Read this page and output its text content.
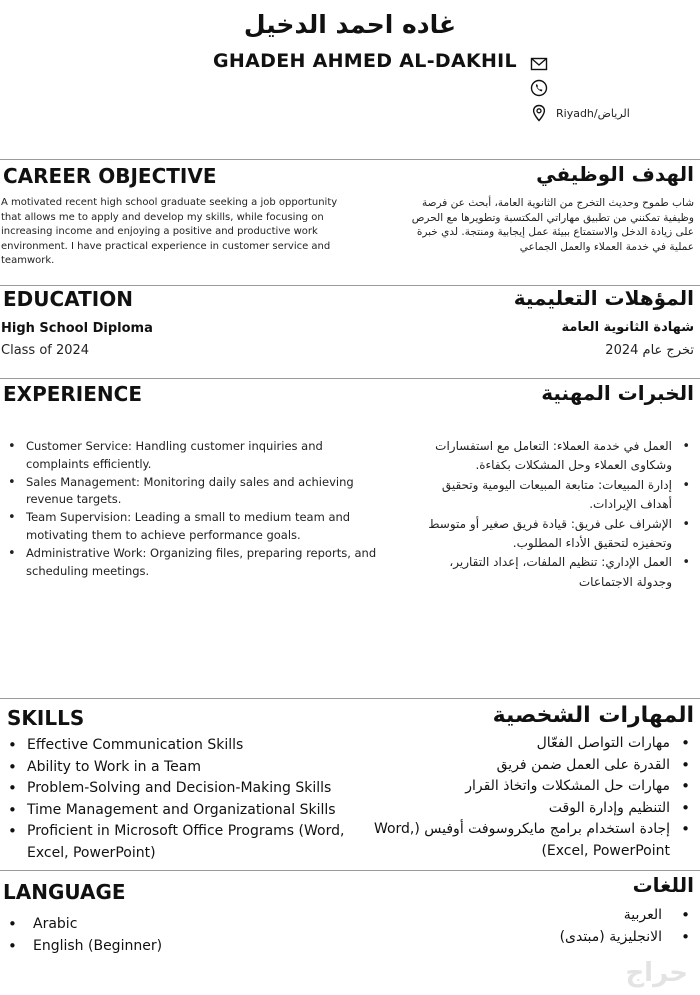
غاده احمد الدخيل
GHADEH AHMED AL-DAKHIL
Riyadh/الرياض
CAREER OBJECTIVE	الهدف الوظيفي
A motivated recent high school graduate seeking a job opportunity that allows me to apply and develop my skills, while focusing on increasing income and enjoying a positive and productive work environment. I have practical experience in customer service and teamwork.
شاب طموح وحديث التخرج من الثانوية العامة، أبحث عن فرصة وظيفية تمكنني من تطبيق مهاراتي المكتسبة وتطويرها مع الحرص على زيادة الدخل والاستمتاع ببيئة عمل إيجابية ومنتجة. لدي خبرة عملية في خدمة العملاء والعمل الجماعي
EDUCATION	المؤهلات التعليمية
High School Diploma
Class of 2024
شهادة الثانوية العامة
تخرج عام 2024
EXPERIENCE	الخبرات المهنية
• Customer Service: Handling customer inquiries and complaints efficiently.
• Sales Management: Monitoring daily sales and achieving revenue targets.
• Team Supervision: Leading a small to medium team and motivating them to achieve performance goals.
• Administrative Work: Organizing files, preparing reports, and scheduling meetings.
• العمل في خدمة العملاء: التعامل مع استفسارات وشكاوى العملاء وحل المشكلات بكفاءة.
• إدارة المبيعات: متابعة المبيعات اليومية وتحقيق أهداف الإيرادات.
• الإشراف على فريق: قيادة فريق صغير أو متوسط وتحفيزه لتحقيق الأداء المطلوب.
• العمل الإداري: تنظيم الملفات، إعداد التقارير، وجدولة الاجتماعات
SKILLS	المهارات الشخصية
• Effective Communication Skills
• Ability to Work in a Team
• Problem-Solving and Decision-Making Skills
• Time Management and Organizational Skills
• Proficient in Microsoft Office Programs (Word, Excel, PowerPoint)
• مهارات التواصل الفعّال
• القدرة على العمل ضمن فريق
• مهارات حل المشكلات واتخاذ القرار
• التنظيم وإدارة الوقت
• إجادة استخدام برامج مايكروسوفت أوفيس (Word, Excel, PowerPoint)
LANGUAGE	اللغات
• Arabic
• English (Beginner)
• العربية
• الانجليزية (مبتدى)
حراج
